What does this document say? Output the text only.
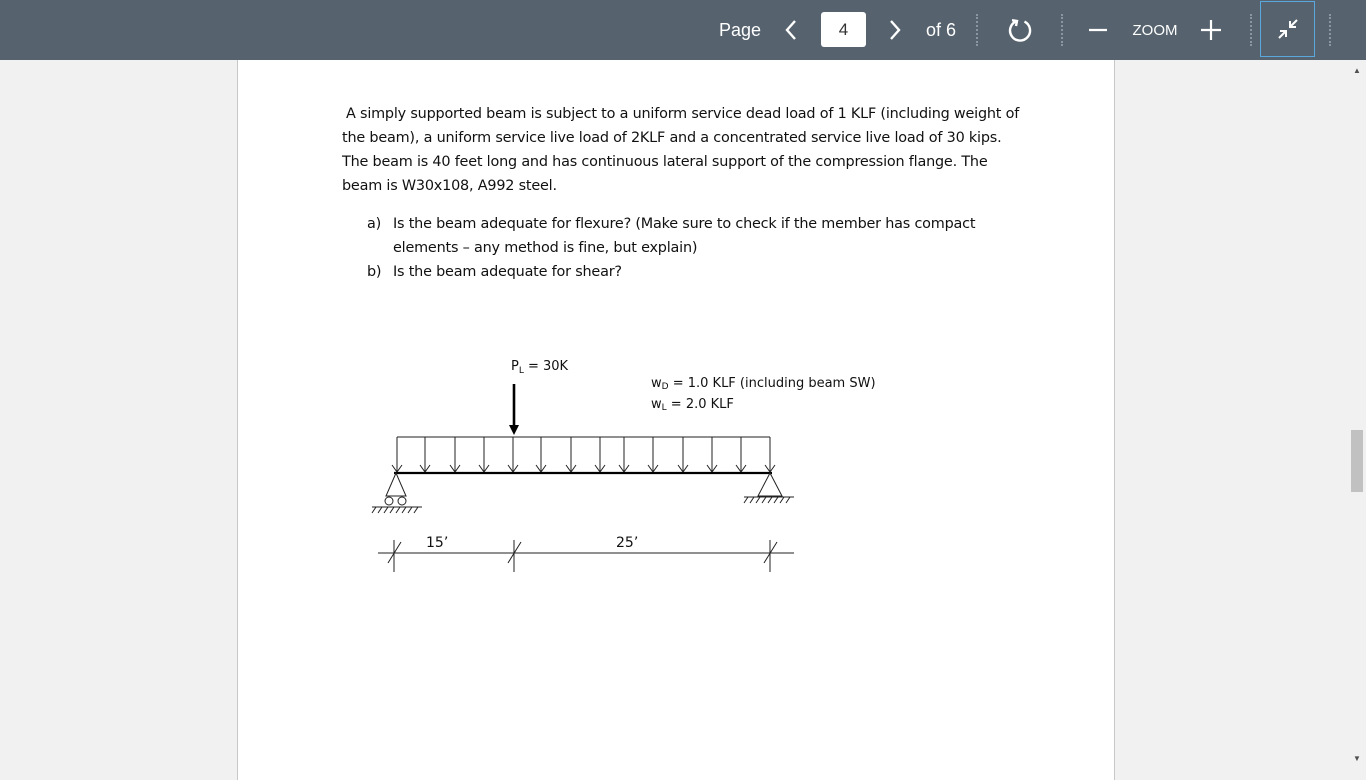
Page
4	of 6	ZOOM

A simply supported beam is subject to a uniform service dead load of 1 KLF (including weight of

the beam), a uniform service live load of 2KLF and a concentrated service live load of 30 kips.

The beam is 40 feet long and has continuous lateral support of the compression flange. The

beam is W30x108, A992 steel.

a) Is the beam adequate for flexure? (Make sure to check if the member has compact
elements – any method is fine, but explain)
b) Is the beam adequate for shear?
$P_L = 30K$
wD = 1.0 KLF (including beam SW)
wL = 2.0 KLF
15’	25’
▲
▼
